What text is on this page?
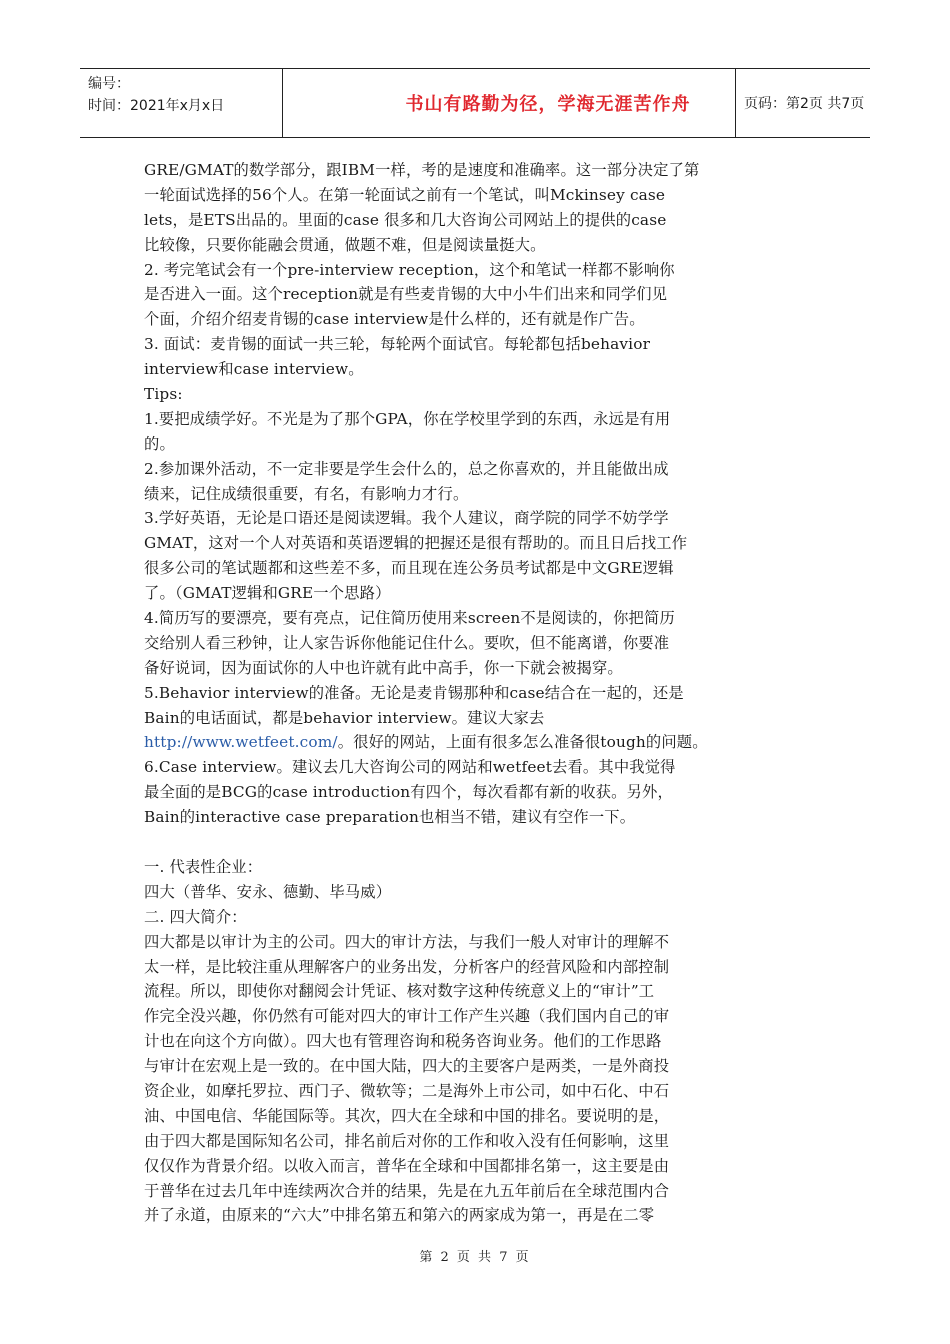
编号：
时间：2021年x月x日	书山有路勤为径，学海无涯苦作舟	页码：第2页 共7页
GRE/GMAT的数学部分，跟IBM一样，考的是速度和准确率。这一部分决定了第
一轮面试选择的56个人。在第一轮面试之前有一个笔试，叫Mckinsey case
lets，是ETS出品的。里面的case 很多和几大咨询公司网站上的提供的case
比较像，只要你能融会贯通，做题不难，但是阅读量挺大。
2. 考完笔试会有一个pre-interview reception，这个和笔试一样都不影响你
是否进入一面。这个reception就是有些麦肯锡的大中小牛们出来和同学们见
个面，介绍介绍麦肯锡的case interview是什么样的，还有就是作广告。
3. 面试：麦肯锡的面试一共三轮，每轮两个面试官。每轮都包括behavior
interview和case interview。
Tips:
1.要把成绩学好。不光是为了那个GPA，你在学校里学到的东西，永远是有用
的。
2.参加课外活动，不一定非要是学生会什么的，总之你喜欢的，并且能做出成
绩来，记住成绩很重要，有名，有影响力才行。
3.学好英语，无论是口语还是阅读逻辑。我个人建议，商学院的同学不妨学学
GMAT，这对一个人对英语和英语逻辑的把握还是很有帮助的。而且日后找工作
很多公司的笔试题都和这些差不多，而且现在连公务员考试都是中文GRE逻辑
了。（GMAT逻辑和GRE一个思路）
4.简历写的要漂亮，要有亮点，记住简历使用来screen不是阅读的，你把简历
交给别人看三秒钟，让人家告诉你他能记住什么。要吹，但不能离谱，你要准
备好说词，因为面试你的人中也许就有此中高手，你一下就会被揭穿。
5.Behavior interview的准备。无论是麦肯锡那种和case结合在一起的，还是
Bain的电话面试，都是behavior interview。建议大家去
http://www.wetfeet.com/。很好的网站，上面有很多怎么准备很tough的问题。
6.Case interview。建议去几大咨询公司的网站和wetfeet去看。其中我觉得
最全面的是BCG的case introduction有四个，每次看都有新的收获。另外，
Bain的interactive case preparation也相当不错，建议有空作一下。
一. 代表性企业：
四大（普华、安永、德勤、毕马威）
二. 四大简介：
四大都是以审计为主的公司。四大的审计方法，与我们一般人对审计的理解不
太一样，是比较注重从理解客户的业务出发，分析客户的经营风险和内部控制
流程。所以，即使你对翻阅会计凭证、核对数字这种传统意义上的“审计”工
作完全没兴趣，你仍然有可能对四大的审计工作产生兴趣（我们国内自己的审
计也在向这个方向做）。四大也有管理咨询和税务咨询业务。他们的工作思路
与审计在宏观上是一致的。在中国大陆，四大的主要客户是两类，一是外商投
资企业，如摩托罗拉、西门子、微软等；二是海外上市公司，如中石化、中石
油、中国电信、华能国际等。其次，四大在全球和中国的排名。要说明的是，
由于四大都是国际知名公司，排名前后对你的工作和收入没有任何影响，这里
仅仅作为背景介绍。以收入而言，普华在全球和中国都排名第一，这主要是由
于普华在过去几年中连续两次合并的结果，先是在九五年前后在全球范围内合
并了永道，由原来的“六大”中排名第五和第六的两家成为第一，再是在二零
第 2 页 共 7 页
